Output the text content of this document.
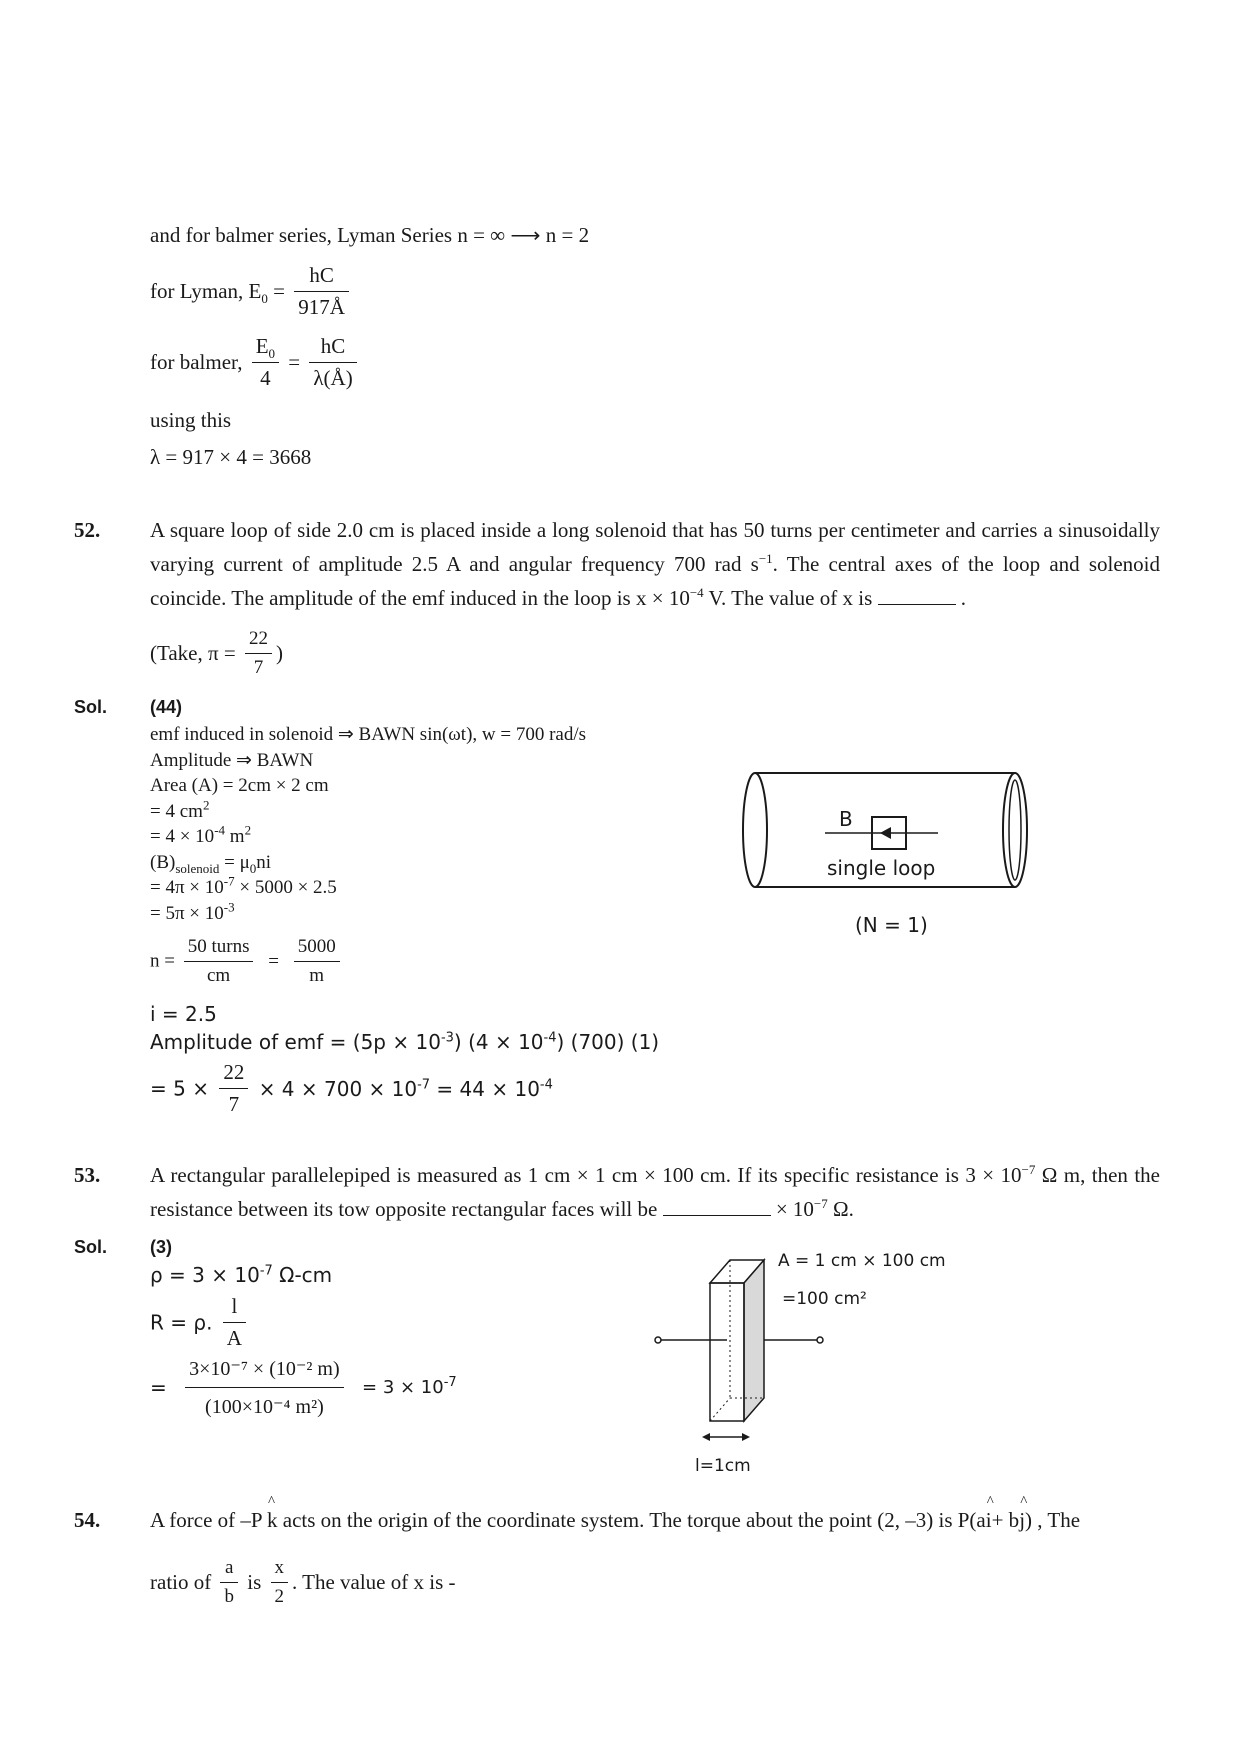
and for balmer series, Lyman Series n = ∞ ⟶ n = 2
for Lyman, $E_0 = \frac{hC}{917Å}$
for balmer, $\frac{E_0}{4} = \frac{hC}{\lambda(Å)}$
using this
λ = 917 × 4 = 3668
52. A square loop of side 2.0 cm is placed inside a long solenoid that has 50 turns per centimeter and carries a sinusoidally varying current of amplitude 2.5 A and angular frequency 700 rad $s^{-1}$. The central axes of the loop and solenoid coincide. The amplitude of the emf induced in the loop is $x \times 10^{-4}$ V. The value of x is	.
(Take, $\pi = \frac{22}{7}$ )
Sol. (44)
emf induced in solenoid ⇒ BAWN sin(ωt), w = 700 rad/s
Amplitude ⇒ BAWN
Area (A) = 2cm × 2 cm
= 4 $cm^2$
= $4 \times 10^{-4}$ $m^2$
$(B)_{solenoid} = \mu_0ni$
= $4\pi \times 10^{-7} \times 5000 \times 2.5$
= $5\pi \times 10^{-3}$
$n = \frac{\text{50 turns}}{cm} = \frac{5000}{m}$
i = 2.5
Amplitude of emf = $(5p \times 10^{-3})$ $(4 \times 10^{-4})$ (700) (1)
= $5 \times \frac{22}{7} \times 4 \times 700 \times 10^{-7} = 44 \times 10^{-4}$
B
single loop
(N = 1)
53. A rectangular parallelepiped is measured as 1 cm × 1 cm × 100 cm. If its specific resistance is $3 \times 10^{-7}$ Ω m, then the resistance between its tow opposite rectangular faces will be	× $10^{-7}$ Ω.
Sol. (3)
$\rho = 3 \times 10^{-7}$ Ω-cm
R = ρ. $\frac{l}{A}$
= $\frac{\text{3×10⁻⁷ × (10⁻² m)}}{\text{(100×10⁻⁴ m²)}} = 3 \times 10^{-7}$
l=1cm
A = 1 cm × 100 cm
=100 cm²
54. A force of –P ^ k acts on the origin of the coordinate system. The torque about the point (2, –3) is P(a^ i+ b^ j) , The
ratio of $\frac{a}{b}$ is $\frac{x}{2}$ . The value of x is -
